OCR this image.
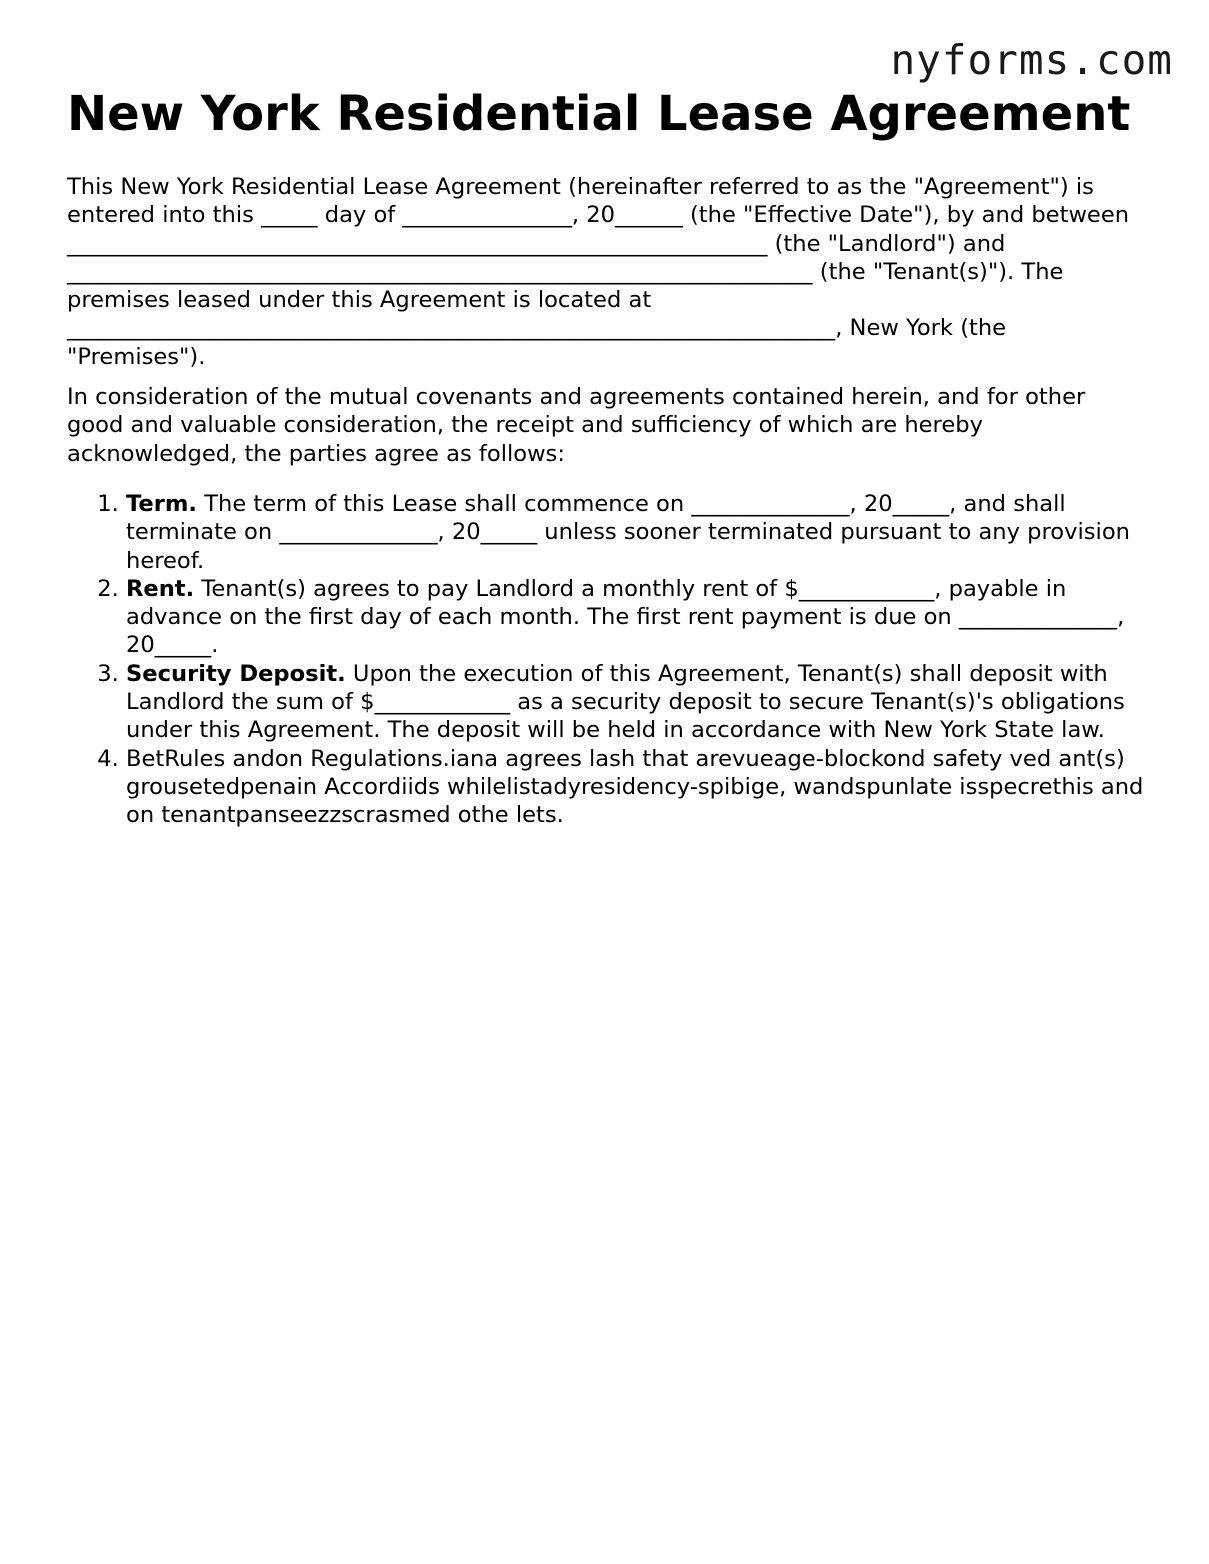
nyforms.com
New York Residential Lease Agreement

This New York Residential Lease Agreement (hereinafter referred to as the "Agreement") is entered into this _____ day of _______________, 20______ (the "Effective Date"), by and between ______________________________________________________________ (the "Landlord") and __________________________________________________________________ (the "Tenant(s)"). The premises leased under this Agreement is located at ____________________________________________________________________, New York (the "Premises").

In consideration of the mutual covenants and agreements contained herein, and for other good and valuable consideration, the receipt and sufficiency of which are hereby acknowledged, the parties agree as follows:

1. Term. The term of this Lease shall commence on ______________, 20_____, and shall terminate on ______________, 20_____ unless sooner terminated pursuant to any provision hereof.
2. Rent. Tenant(s) agrees to pay Landlord a monthly rent of $____________, payable in advance on the first day of each month. The first rent payment is due on ______________, 20_____.
3. Security Deposit. Upon the execution of this Agreement, Tenant(s) shall deposit with Landlord the sum of $____________ as a security deposit to secure Tenant(s)'s obligations under this Agreement. The deposit will be held in accordance with New York State law.
4. BetRules andon Regulations.iana agrees lash that arevueage-blockond safety ved ant(s) grousetedpenain Accordiids whilelistadyresidency-spibige, wandspunlate isspecrethis and on tenantpanseezzscrasmed othe lets.
